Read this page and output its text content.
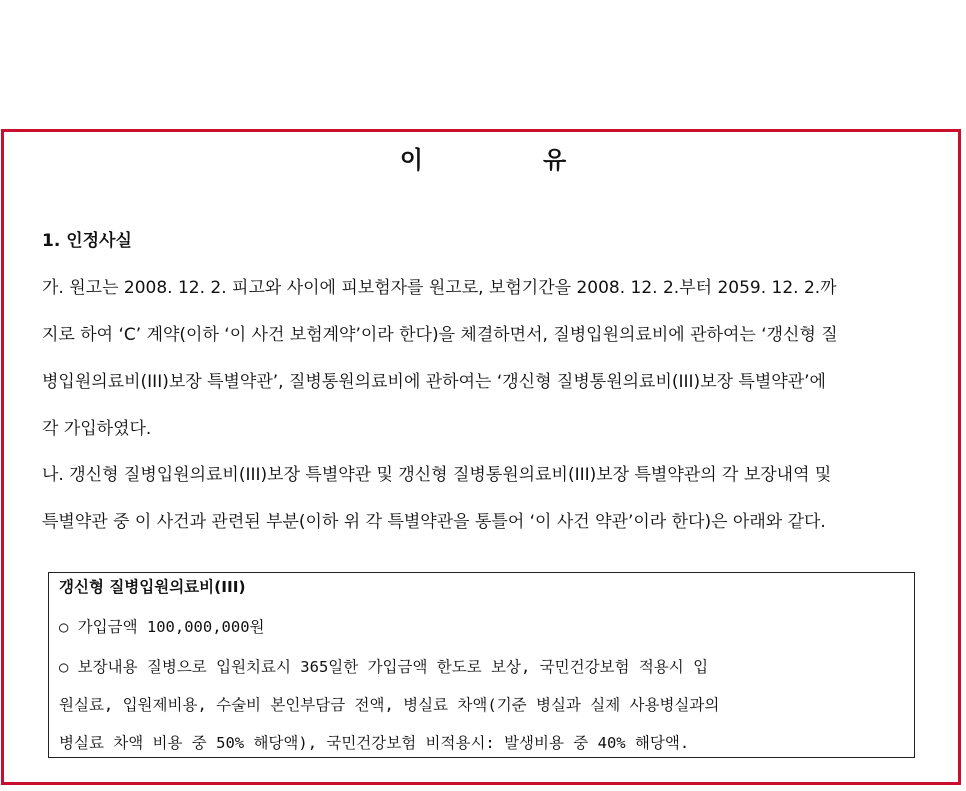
이	유
1. 인정사실
가. 원고는 2008. 12. 2. 피고와 사이에 피보험자를 원고로, 보험기간을 2008. 12. 2.부터 2059. 12. 2.까
지로 하여 ‘C’ 계약(이하 ‘이 사건 보험계약’이라 한다)을 체결하면서, 질병입원의료비에 관하여는 ‘갱신형 질
병입원의료비(III)보장 특별약관’, 질병통원의료비에 관하여는 ‘갱신형 질병통원의료비(III)보장 특별약관’에
각 가입하였다.
나. 갱신형 질병입원의료비(III)보장 특별약관 및 갱신형 질병통원의료비(III)보장 특별약관의 각 보장내역 및
특별약관 중 이 사건과 관련된 부분(이하 위 각 특별약관을 통틀어 ‘이 사건 약관’이라 한다)은 아래와 같다.
갱신형 질병입원의료비(III)
○ 가입금액 100,000,000원
○ 보장내용 질병으로 입원치료시 365일한 가입금액 한도로 보상, 국민건강보험 적용시 입
원실료, 입원제비용, 수술비 본인부담금 전액, 병실료 차액(기준 병실과 실제 사용병실과의
병실료 차액 비용 중 50% 해당액), 국민건강보험 비적용시: 발생비용 중 40% 해당액.
